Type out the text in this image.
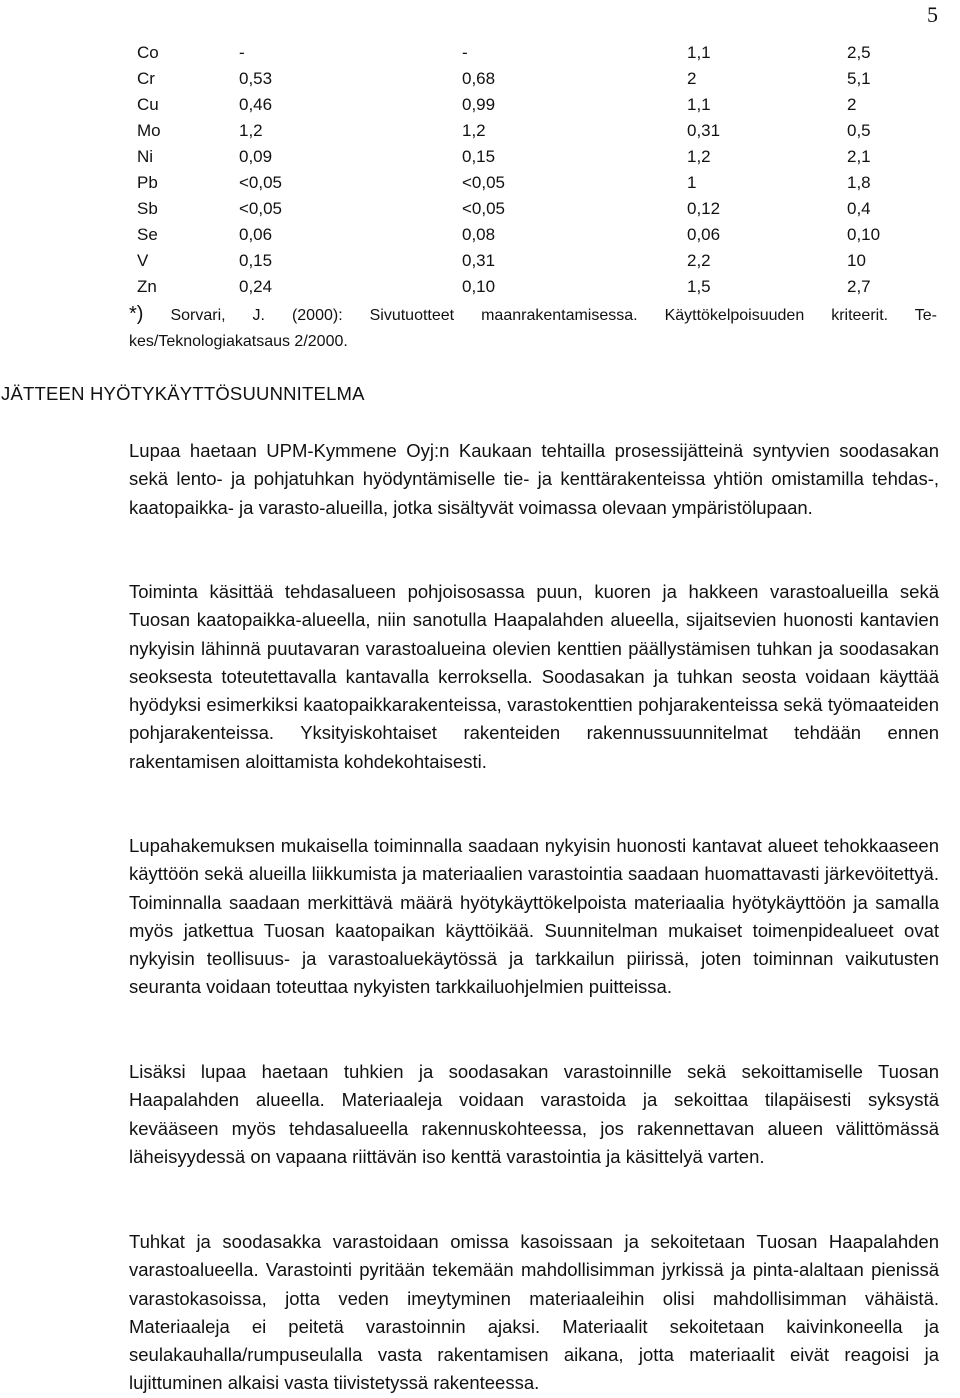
5
Co	-	-	1,1	2,5
Cr	0,53	0,68	2	5,1
Cu	0,46	0,99	1,1	2
Mo	1,2	1,2	0,31	0,5
Ni	0,09	0,15	1,2	2,1
Pb	<0,05	<0,05	1	1,8
Sb	<0,05	<0,05	0,12	0,4
Se	0,06	0,08	0,06	0,10
V	0,15	0,31	2,2	10
Zn	0,24	0,10	1,5	2,7
*) Sorvari, J. (2000): Sivutuotteet maanrakentamisessa. Käyttökelpoisuuden kriteerit. Te-
kes/Teknologiakatsaus 2/2000.
JÄTTEEN HYÖTYKÄYTTÖSUUNNITELMA

Lupaa haetaan UPM-Kymmene Oyj:n Kaukaan tehtailla prosessijätteinä syntyvien soodasakan sekä lento- ja pohjatuhkan hyödyntämiselle tie- ja kenttärakenteissa yhtiön omistamilla tehdas-, kaatopaikka- ja varasto-alueilla, jotka sisältyvät voimassa olevaan ympäristölupaan.

Toiminta käsittää tehdasalueen pohjoisosassa puun, kuoren ja hakkeen varastoalueilla sekä Tuosan kaatopaikka-alueella, niin sanotulla Haapalahden alueella, sijaitsevien huonosti kantavien nykyisin lähinnä puutavaran varastoalueina olevien kenttien päällystämisen tuhkan ja soodasakan seoksesta toteutettavalla kantavalla kerroksella. Soodasakan ja tuhkan seosta voidaan käyttää hyödyksi esimerkiksi kaatopaikkarakenteissa, varastokenttien pohjarakenteissa sekä työmaateiden pohjarakenteissa. Yksityiskohtaiset rakenteiden rakennussuunnitelmat tehdään ennen rakentamisen aloittamista kohdekohtaisesti.

Lupahakemuksen mukaisella toiminnalla saadaan nykyisin huonosti kantavat alueet tehokkaaseen käyttöön sekä alueilla liikkumista ja materiaalien varastointia saadaan huomattavasti järkevöitettyä. Toiminnalla saadaan merkittävä määrä hyötykäyttökelpoista materiaalia hyötykäyttöön ja samalla myös jatkettua Tuosan kaatopaikan käyttöikää. Suunnitelman mukaiset toimenpidealueet ovat nykyisin teollisuus- ja varastoaluekäytössä ja tarkkailun piirissä, joten toiminnan vaikutusten seuranta voidaan toteuttaa nykyisten tarkkailuohjelmien puitteissa.

Lisäksi lupaa haetaan tuhkien ja soodasakan varastoinnille sekä sekoittamiselle Tuosan Haapalahden alueella. Materiaaleja voidaan varastoida ja sekoittaa tilapäisesti syksystä kevääseen myös tehdasalueella rakennuskohteessa, jos rakennettavan alueen välittömässä läheisyydessä on vapaana riittävän iso kenttä varastointia ja käsittelyä varten.

Tuhkat ja soodasakka varastoidaan omissa kasoissaan ja sekoitetaan Tuosan Haapalahden varastoalueella. Varastointi pyritään tekemään mahdollisimman jyrkissä ja pinta-alaltaan pienissä varastokasoissa, jotta veden imeytyminen materiaaleihin olisi mahdollisimman vähäistä. Materiaaleja ei peitetä varastoinnin ajaksi. Materiaalit sekoitetaan kaivinkoneella ja seulakauhalla/rumpuseulalla vasta rakentamisen aikana, jotta materiaalit eivät reagoisi ja lujittuminen alkaisi vasta tiivistetyssä rakenteessa.
